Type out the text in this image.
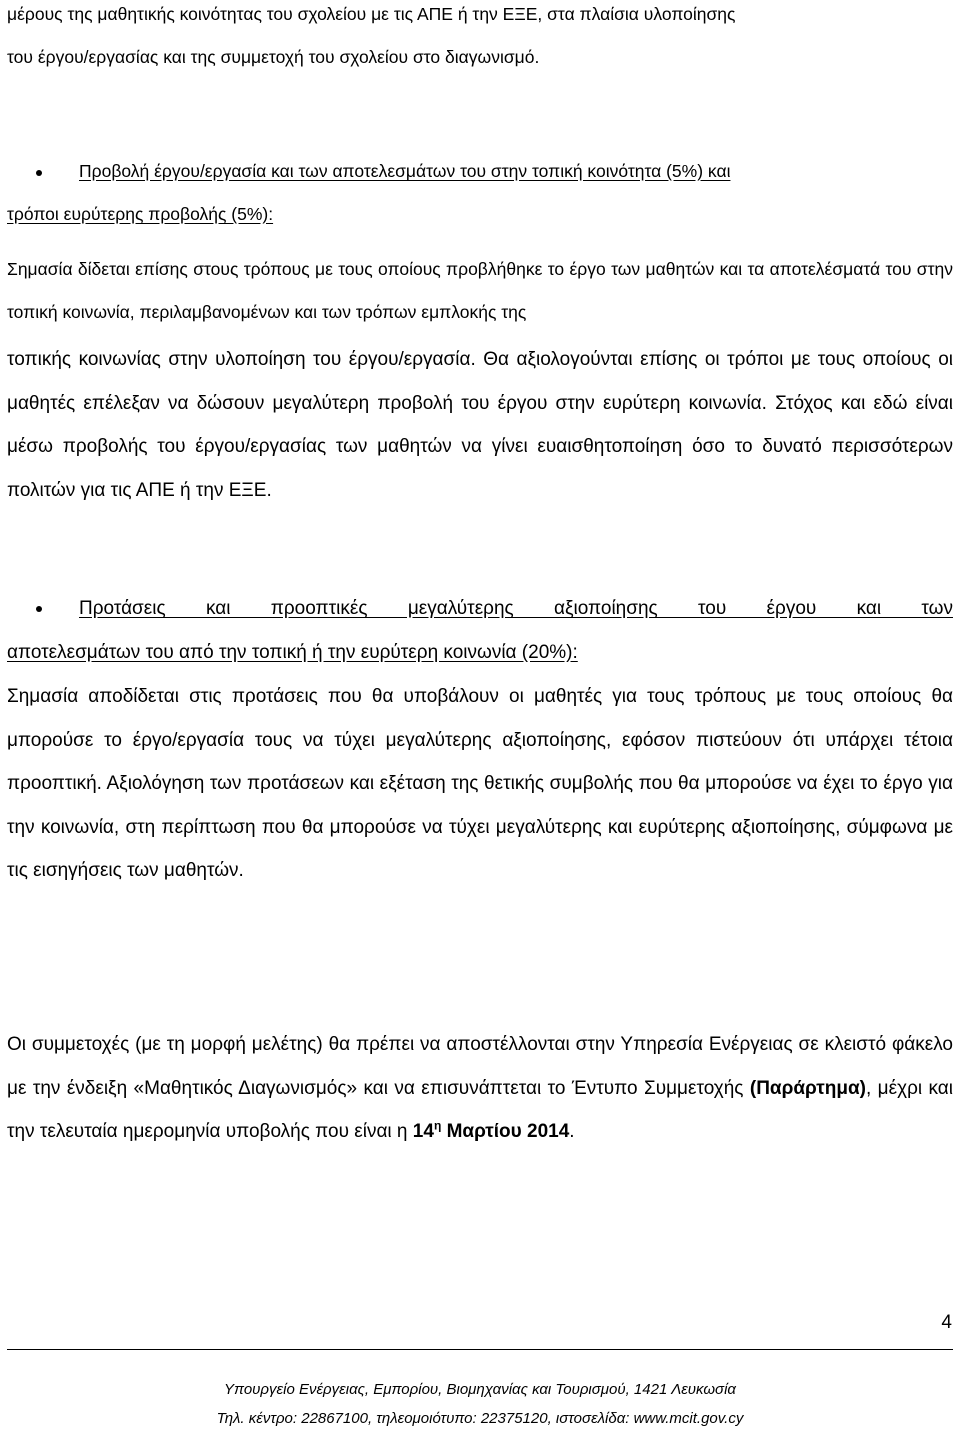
μέρους της μαθητικής κοινότητας του σχολείου με τις ΑΠΕ ή την ΕΞΕ, στα πλαίσια υλοποίησης
του έργου/εργασίας και της συμμετοχή του σχολείου στο διαγωνισμό.

Προβολή έργου/εργασία και των αποτελεσμάτων του στην τοπική κοινότητα (5%) και
τρόποι ευρύτερης προβολής (5%):

Σημασία δίδεται επίσης στους τρόπους με τους οποίους προβλήθηκε το έργο των μαθητών και τα αποτελέσματά του στην τοπική κοινωνία, περιλαμβανομένων και των τρόπων εμπλοκής της

τοπικής κοινωνίας στην υλοποίηση του έργου/εργασία. Θα αξιολογούνται επίσης οι τρόποι με τους οποίους οι μαθητές επέλεξαν να δώσουν μεγαλύτερη προβολή του έργου στην ευρύτερη κοινωνία. Στόχος και εδώ είναι μέσω προβολής του έργου/εργασίας των μαθητών να γίνει ευαισθητοποίηση όσο το δυνατό περισσότερων πολιτών για τις ΑΠΕ ή την ΕΞΕ.

Προτάσεις και προοπτικές μεγαλύτερης αξιοποίησης του έργου και των
αποτελεσμάτων του από την τοπική ή την ευρύτερη κοινωνία (20%):

Σημασία αποδίδεται στις προτάσεις που θα υποβάλουν οι μαθητές για τους τρόπους με τους οποίους θα μπορούσε το έργο/εργασία τους να τύχει μεγαλύτερης αξιοποίησης, εφόσον πιστεύουν ότι υπάρχει τέτοια προοπτική. Αξιολόγηση των προτάσεων και εξέταση της θετικής συμβολής που θα μπορούσε να έχει το έργο για την κοινωνία, στη περίπτωση που θα μπορούσε να τύχει μεγαλύτερης και ευρύτερης αξιοποίησης, σύμφωνα με τις εισηγήσεις των μαθητών.

Οι συμμετοχές (με τη μορφή μελέτης) θα πρέπει να αποστέλλονται στην Υπηρεσία Ενέργειας σε κλειστό φάκελο με την ένδειξη «Μαθητικός Διαγωνισμός» και να επισυνάπτεται το Έντυπο Συμμετοχής (Παράρτημα), μέχρι και την τελευταία ημερομηνία υποβολής που είναι η $14^\eta$ Μαρτίου 2014.

4
Υπουργείο Ενέργειας, Εμπορίου, Βιομηχανίας και Τουρισμού, 1421 Λευκωσία
Τηλ. κέντρο: 22867100, τηλεομοιότυπο: 22375120, ιστοσελίδα: www.mcit.gov.cy
